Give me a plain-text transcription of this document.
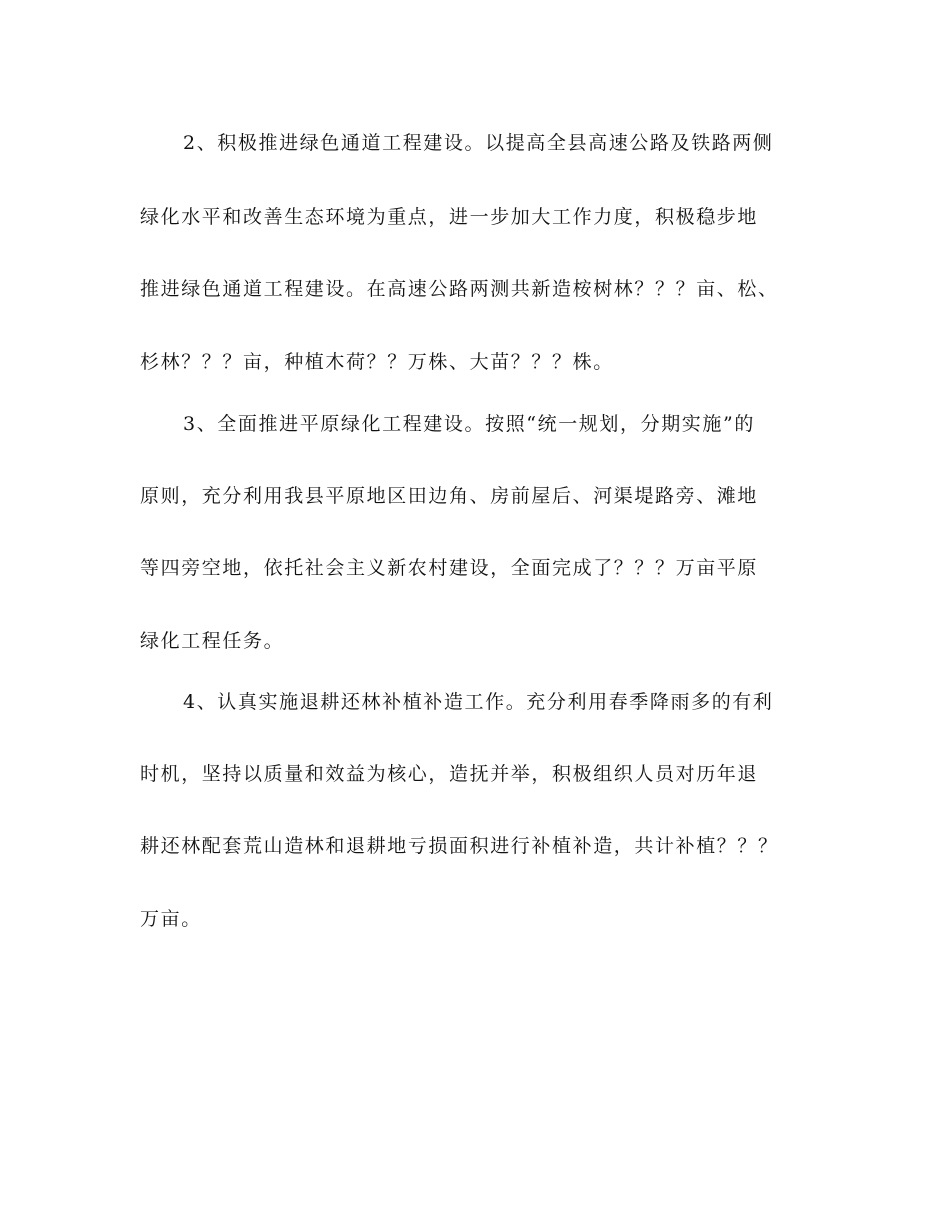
2、积极推进绿色通道工程建设。以提高全县高速公路及铁路两侧

绿化水平和改善生态环境为重点，进一步加大工作力度，积极稳步地

推进绿色通道工程建设。在高速公路两测共新造桉树林？？？亩、松、

杉林？？？亩，种植木荷？？万株、大苗？？？株。

3、全面推进平原绿化工程建设。按照“统一规划，分期实施”的

原则，充分利用我县平原地区田边角、房前屋后、河渠堤路旁、滩地

等四旁空地，依托社会主义新农村建设，全面完成了？？？万亩平原

绿化工程任务。

4、认真实施退耕还林补植补造工作。充分利用春季降雨多的有利

时机，坚持以质量和效益为核心，造抚并举，积极组织人员对历年退

耕还林配套荒山造林和退耕地亏损面积进行补植补造，共计补植？？？

万亩。
